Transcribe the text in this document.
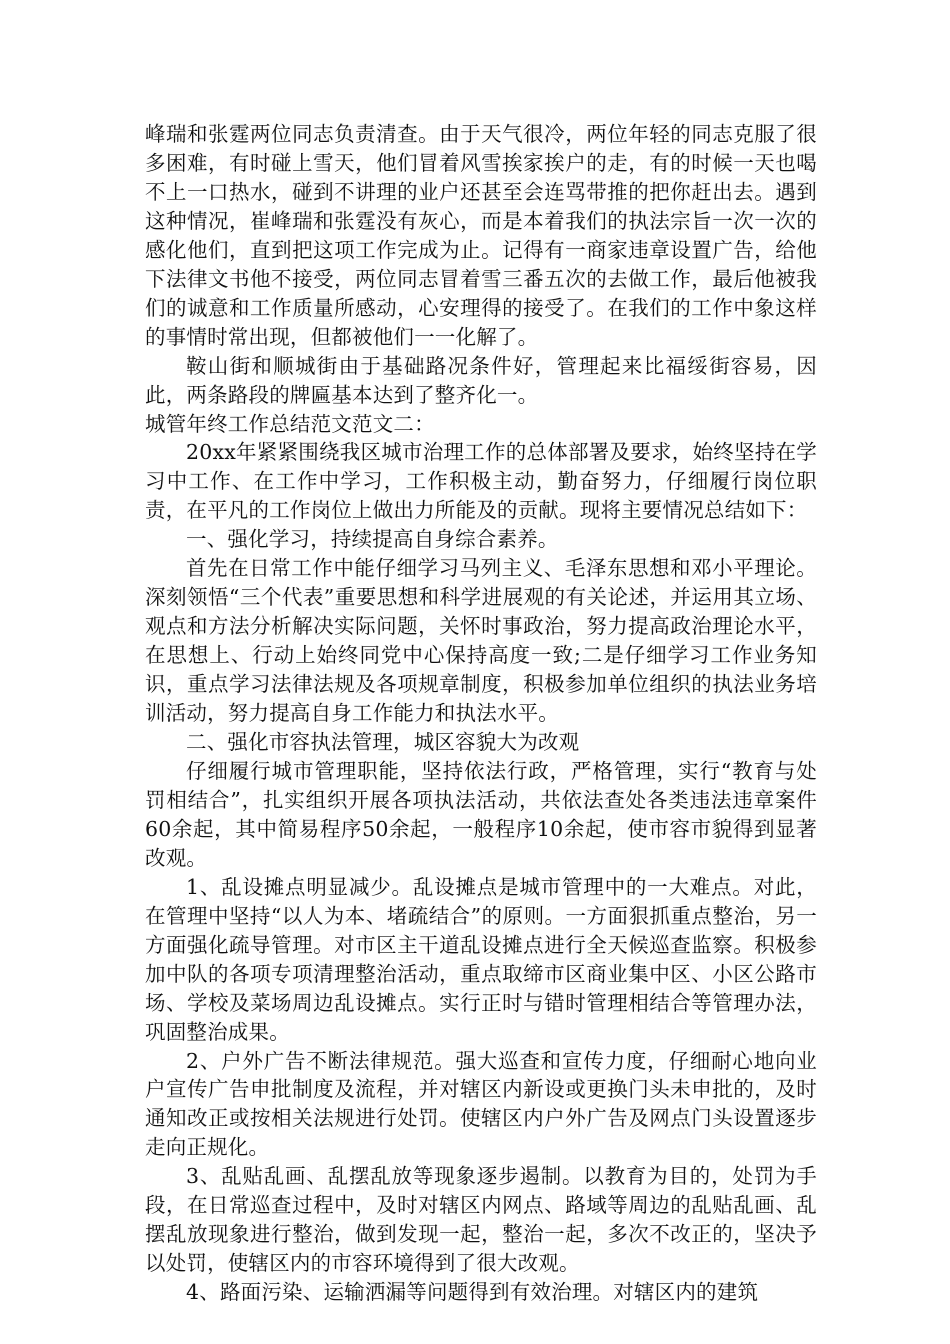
峰瑞和张霆两位同志负责清查。由于天气很冷，两位年轻的同志克服了很多困难，有时碰上雪天，他们冒着风雪挨家挨户的走，有的时候一天也喝不上一口热水，碰到不讲理的业户还甚至会连骂带推的把你赶出去。遇到这种情况，崔峰瑞和张霆没有灰心，而是本着我们的执法宗旨一次一次的感化他们，直到把这项工作完成为止。记得有一商家违章设置广告，给他下法律文书他不接受，两位同志冒着雪三番五次的去做工作，最后他被我们的诚意和工作质量所感动，心安理得的接受了。在我们的工作中象这样的事情时常出现，但都被他们一一化解了。

鞍山街和顺城街由于基础路况条件好，管理起来比福绥街容易，因此，两条路段的牌匾基本达到了整齐化一。

城管年终工作总结范文范文二：

20xx年紧紧围绕我区城市治理工作的总体部署及要求，始终坚持在学习中工作、在工作中学习，工作积极主动，勤奋努力，仔细履行岗位职责，在平凡的工作岗位上做出力所能及的贡献。现将主要情况总结如下：

一、强化学习，持续提高自身综合素养。

首先在日常工作中能仔细学习马列主义、毛泽东思想和邓小平理论。深刻领悟“三个代表”重要思想和科学进展观的有关论述，并运用其立场、观点和方法分析解决实际问题，关怀时事政治，努力提高政治理论水平，在思想上、行动上始终同党中心保持高度一致;二是仔细学习工作业务知识，重点学习法律法规及各项规章制度，积极参加单位组织的执法业务培训活动，努力提高自身工作能力和执法水平。

二、强化市容执法管理，城区容貌大为改观

仔细履行城市管理职能，坚持依法行政，严格管理，实行“教育与处罚相结合”，扎实组织开展各项执法活动，共依法查处各类违法违章案件60余起，其中简易程序50余起，一般程序10余起，使市容市貌得到显著改观。

1、乱设摊点明显减少。乱设摊点是城市管理中的一大难点。对此，在管理中坚持“以人为本、堵疏结合”的原则。一方面狠抓重点整治，另一方面强化疏导管理。对市区主干道乱设摊点进行全天候巡查监察。积极参加中队的各项专项清理整治活动，重点取缔市区商业集中区、小区公路市场、学校及菜场周边乱设摊点。实行正时与错时管理相结合等管理办法，巩固整治成果。

2、户外广告不断法律规范。强大巡查和宣传力度，仔细耐心地向业户宣传广告申批制度及流程，并对辖区内新设或更换门头未申批的，及时通知改正或按相关法规进行处罚。使辖区内户外广告及网点门头设置逐步走向正规化。

3、乱贴乱画、乱摆乱放等现象逐步遏制。以教育为目的，处罚为手段，在日常巡查过程中，及时对辖区内网点、路域等周边的乱贴乱画、乱摆乱放现象进行整治，做到发现一起，整治一起，多次不改正的，坚决予以处罚，使辖区内的市容环境得到了很大改观。

4、路面污染、运输洒漏等问题得到有效治理。对辖区内的建筑
